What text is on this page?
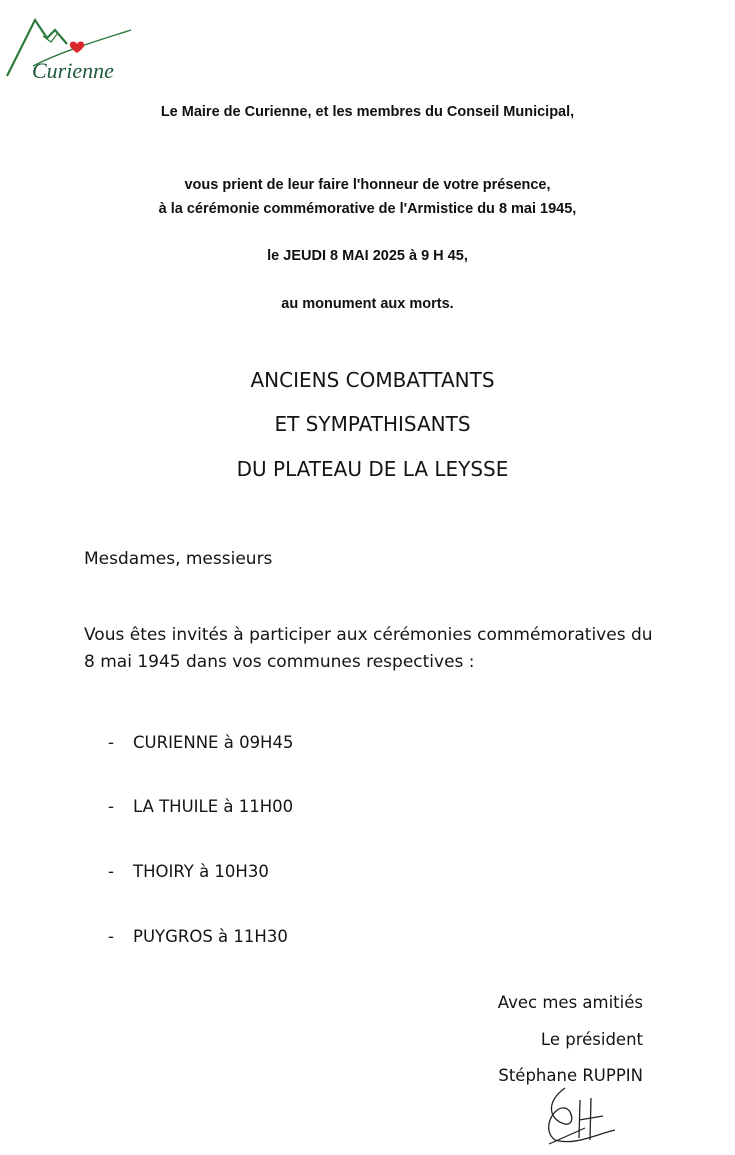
Curienne
Le Maire de Curienne, et les membres du Conseil Municipal,
vous prient de leur faire l'honneur de votre présence,
à la cérémonie commémorative de l'Armistice du 8 mai 1945,
le JEUDI 8 MAI 2025 à 9 H 45,
au monument aux morts.
ANCIENS COMBATTANTS
ET SYMPATHISANTS
DU PLATEAU DE LA LEYSSE
Mesdames, messieurs
Vous êtes invités à participer aux cérémonies commémoratives du
8 mai 1945 dans vos communes respectives :
- CURIENNE à 09H45
- LA THUILE à 11H00
- THOIRY à 10H30
- PUYGROS à 11H30
Avec mes amitiés
Le président
Stéphane RUPPIN
